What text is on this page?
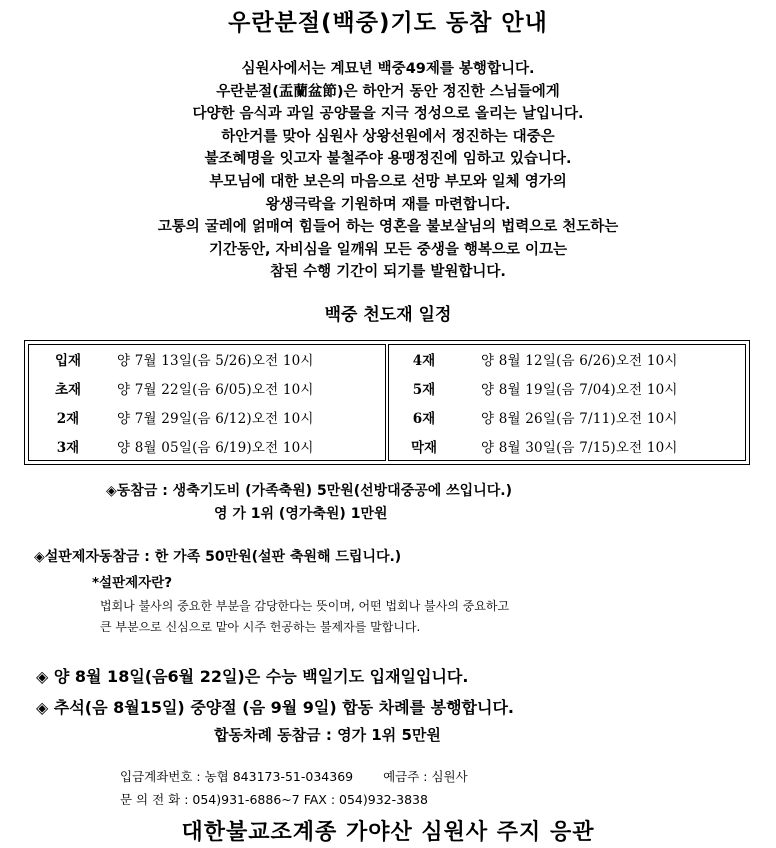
우란분절(백중)기도 동참 안내

심원사에서는 계묘년 백중49제를 봉행합니다.

우란분절(盂蘭盆節)은 하안거 동안 정진한 스님들에게

다양한 음식과 과일 공양물을 지극 정성으로 올리는 날입니다.

하안거를 맞아 심원사 상왕선원에서 정진하는 대중은

불조혜명을 잇고자 불철주야 용맹정진에 임하고 있습니다.

부모님에 대한 보은의 마음으로 선망 부모와 일체 영가의

왕생극락을 기원하며 재를 마련합니다.

고통의 굴레에 얽매여 힘들어 하는 영혼을 불보살님의 법력으로 천도하는

기간동안, 자비심을 일깨워 모든 중생을 행복으로 이끄는

참된 수행 기간이 되기를 발원합니다.

백중 천도재 일정
입재	양 7월 13일(음 5/26)오전 10시
초재	양 7월 22일(음 6/05)오전 10시
2재	양 7월 29일(음 6/12)오전 10시
3재	양 8월 05일(음 6/19)오전 10시
4재	양 8월 12일(음 6/26)오전 10시
5재	양 8월 19일(음 7/04)오전 10시
6재	양 8월 26일(음 7/11)오전 10시
막재	양 8월 30일(음 7/15)오전 10시
◈동참금 : 생축기도비 (가족축원) 5만원(선방대중공에 쓰입니다.)
영 가 1위 (영가축원) 1만원
◈설판제자동참금 : 한 가족 50만원(설판 축원해 드립니다.)
*설판제자란?

법회나 불사의 중요한 부분을 감당한다는 뜻이며, 어떤 법회나 불사의 중요하고

큰 부분으로 신심으로 맡아 시주 헌공하는 불제자를 말합니다.

◈ 양 8월 18일(음6월 22일)은 수능 백일기도 입재일입니다.
◈ 추석(음 8월15일) 중양절 (음 9월 9일) 합동 차례를 봉행합니다.
합동차례 동참금 : 영가 1위 5만원
입금계좌번호 : 농협 843173-51-034369 예금주 : 심원사
문 의 전 화 : 054)931-6886~7 FAX : 054)932-3838
대한불교조계종 가야산 심원사 주지 응관
